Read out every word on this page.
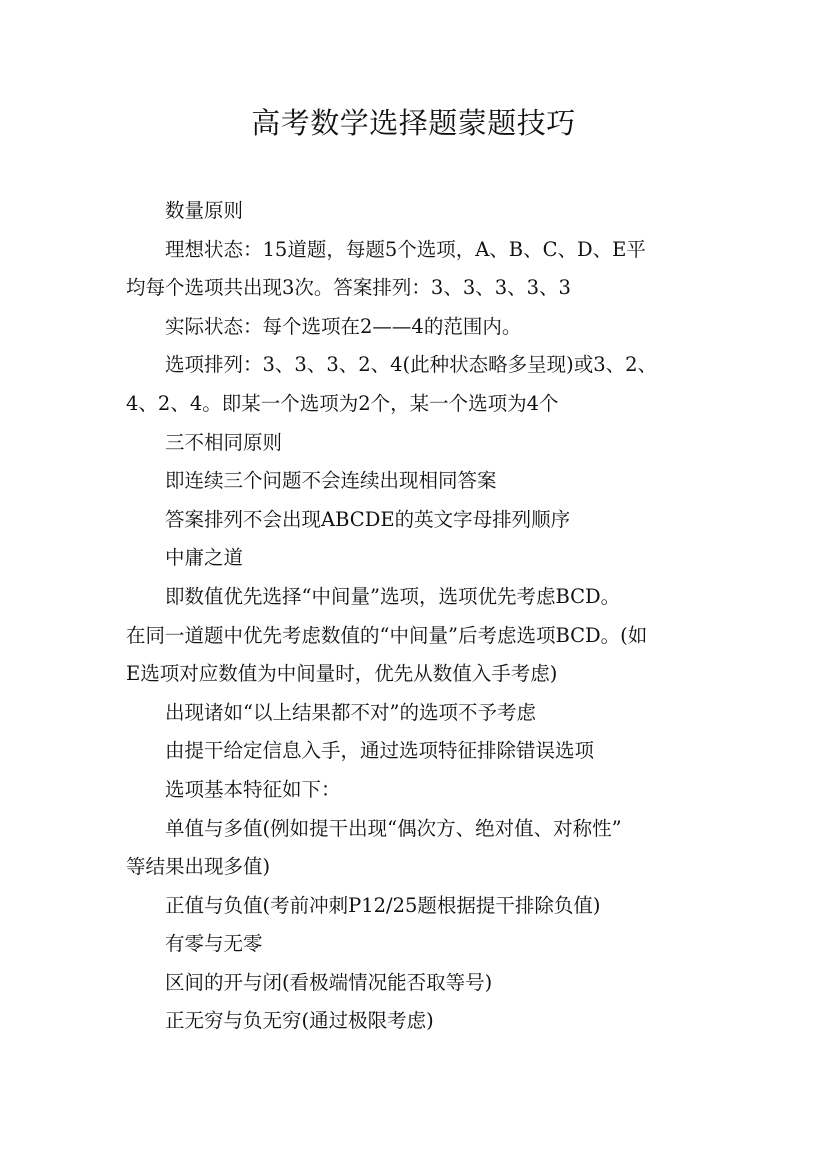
高考数学选择题蒙题技巧

数量原则

理想状态：15道题，每题5个选项，A、B、C、D、E平
均每个选项共出现3次。答案排列：3、3、3、3、3

实际状态：每个选项在2——4的范围内。

选项排列：3、3、3、2、4(此种状态略多呈现)或3、2、
4、2、4。即某一个选项为2个，某一个选项为4个

三不相同原则

即连续三个问题不会连续出现相同答案

答案排列不会出现ABCDE的英文字母排列顺序

中庸之道

即数值优先选择“中间量”选项，选项优先考虑BCD。
在同一道题中优先考虑数值的“中间量”后考虑选项BCD。(如
E选项对应数值为中间量时，优先从数值入手考虑)

出现诸如“以上结果都不对”的选项不予考虑

由提干给定信息入手，通过选项特征排除错误选项

选项基本特征如下：

单值与多值(例如提干出现“偶次方、绝对值、对称性”
等结果出现多值)

正值与负值(考前冲刺P12/25题根据提干排除负值)

有零与无零

区间的开与闭(看极端情况能否取等号)

正无穷与负无穷(通过极限考虑)
